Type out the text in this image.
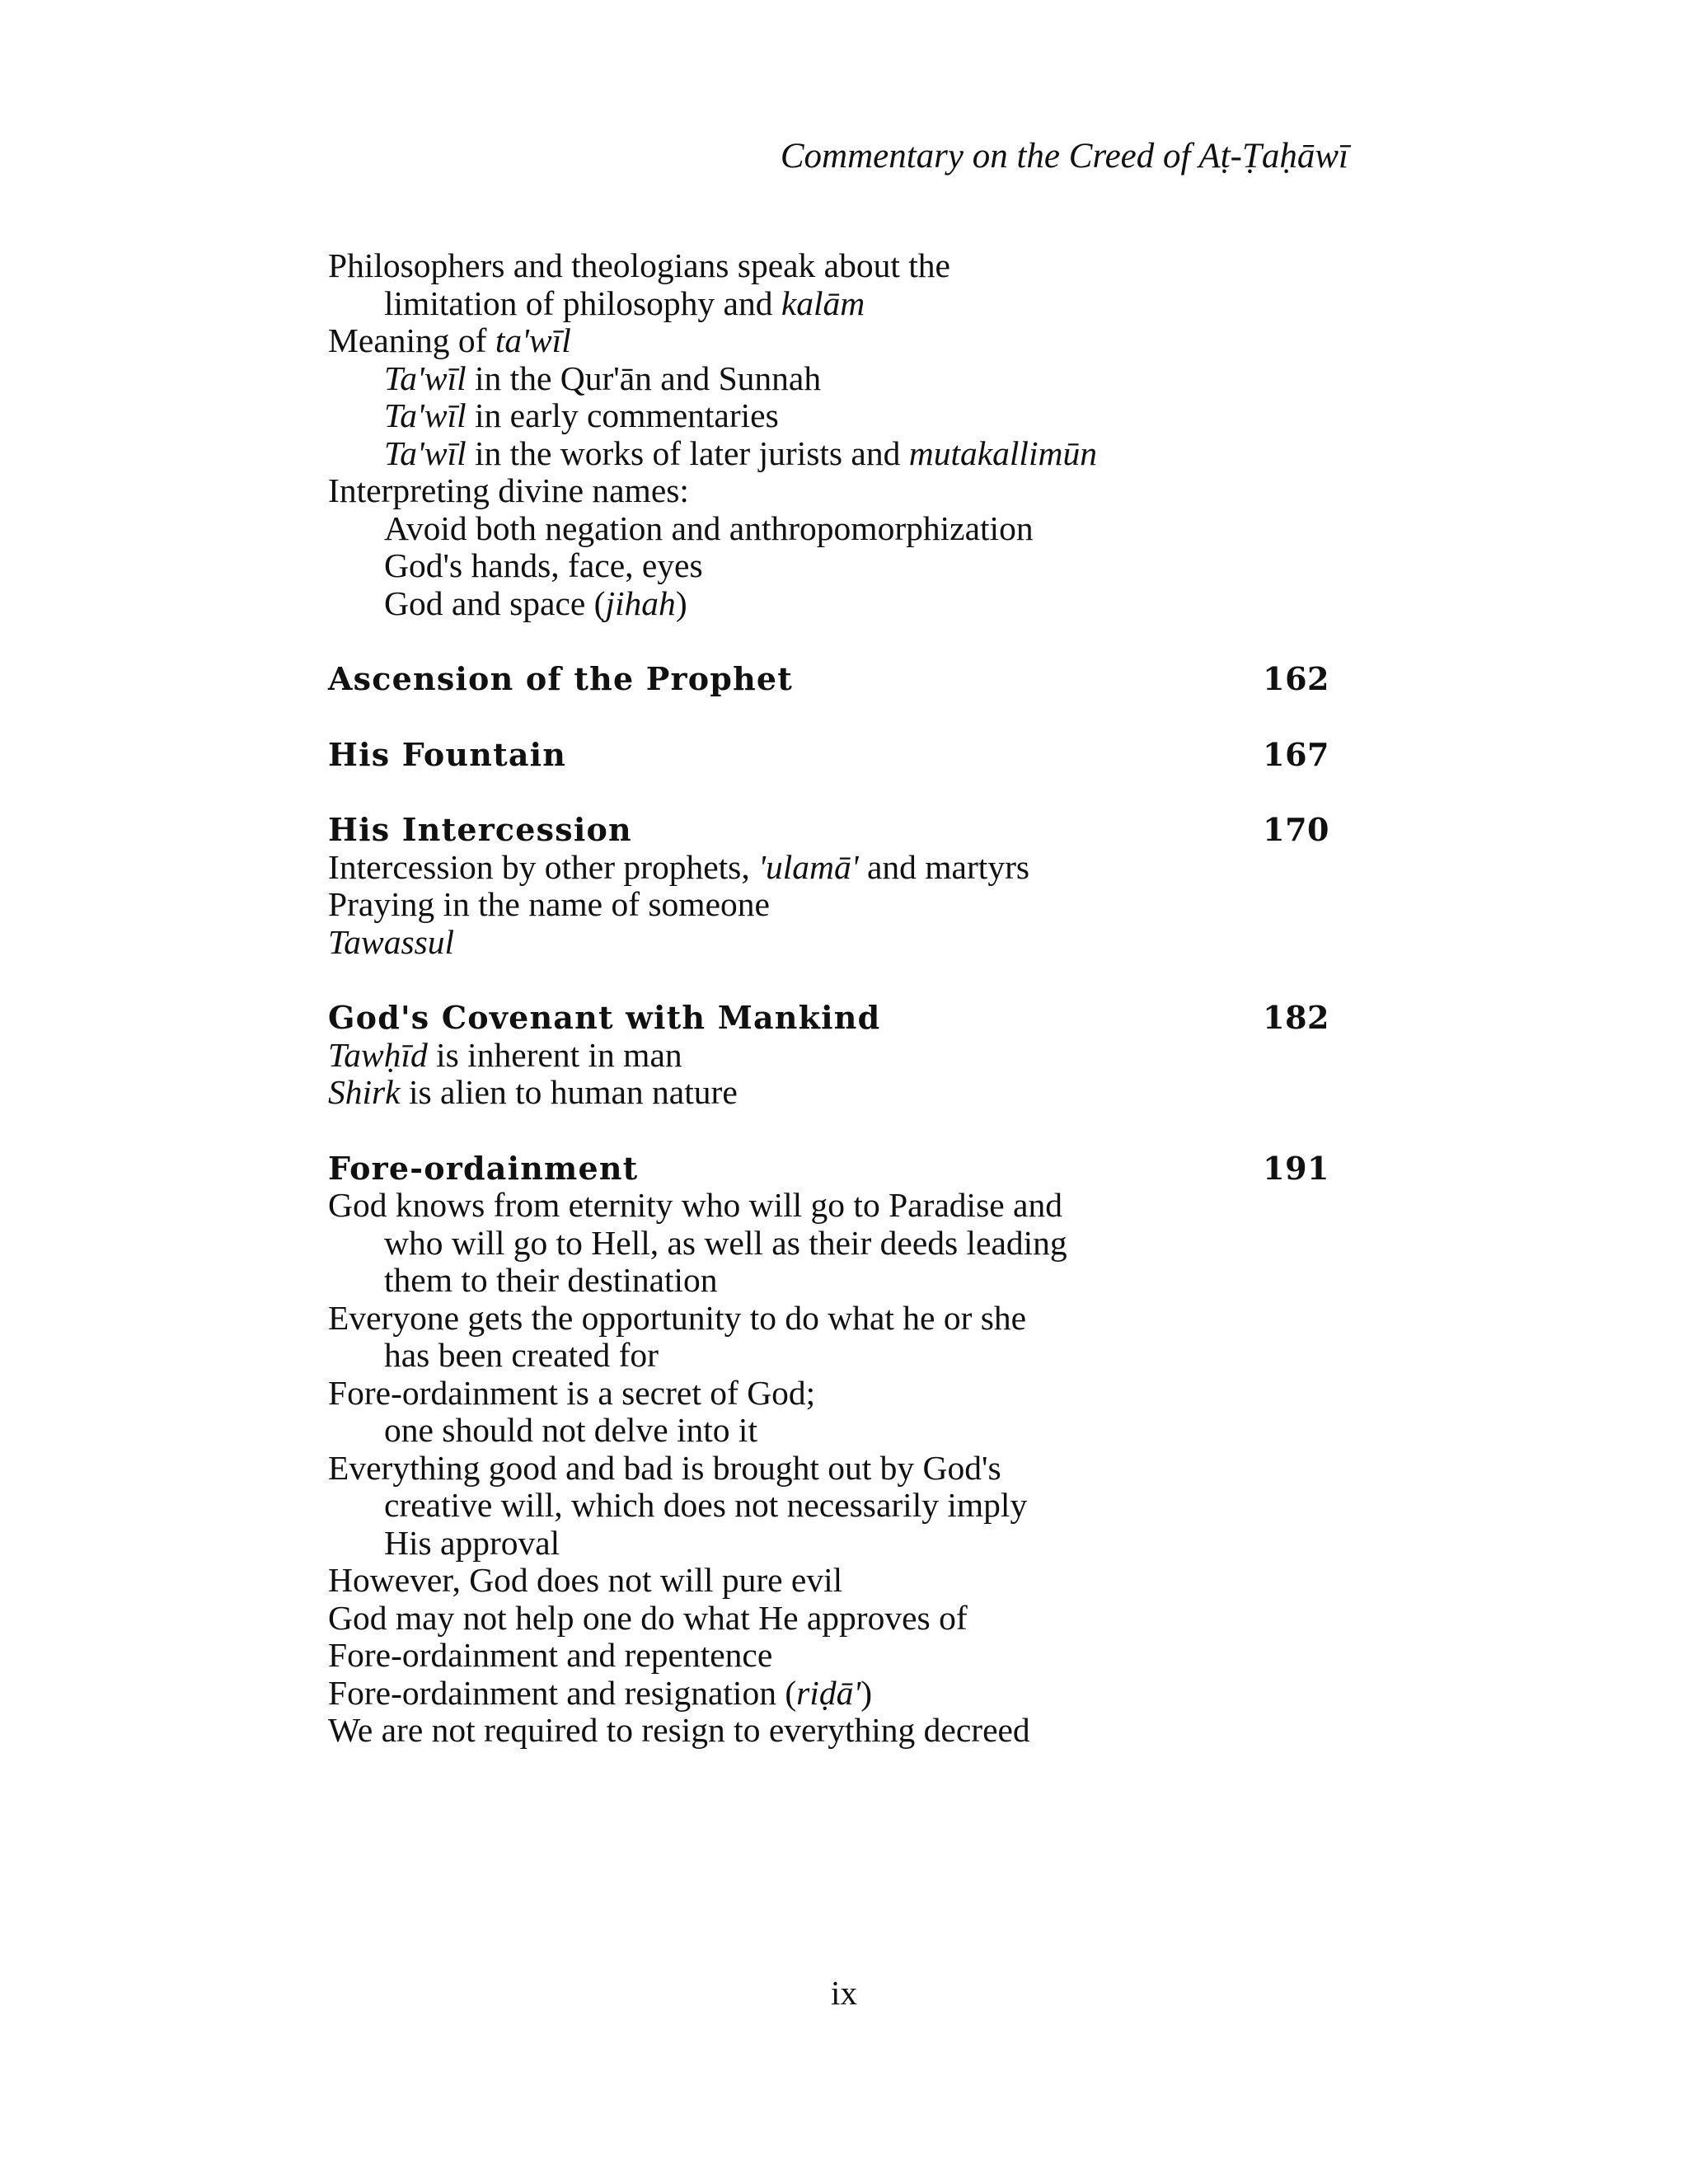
Commentary on the Creed of Aṭ-Ṭaḥāwī
Philosophers and theologians speak about the
limitation of philosophy and kalām
Meaning of ta'wīl
Ta'wīl in the Qur'ān and Sunnah
Ta'wīl in early commentaries
Ta'wīl in the works of later jurists and mutakallimūn
Interpreting divine names:
Avoid both negation and anthropomorphization
God's hands, face, eyes
God and space (jihah)
Ascension of the Prophet	162
His Fountain	167
His Intercession	170
Intercession by other prophets, 'ulamā' and martyrs
Praying in the name of someone
Tawassul
God's Covenant with Mankind	182
Tawḥīd is inherent in man
Shirk is alien to human nature
Fore-ordainment	191
God knows from eternity who will go to Paradise and
who will go to Hell, as well as their deeds leading
them to their destination
Everyone gets the opportunity to do what he or she
has been created for
Fore-ordainment is a secret of God;
one should not delve into it
Everything good and bad is brought out by God's
creative will, which does not necessarily imply
His approval
However, God does not will pure evil
God may not help one do what He approves of
Fore-ordainment and repentence
Fore-ordainment and resignation (riḍā')
We are not required to resign to everything decreed
ix
